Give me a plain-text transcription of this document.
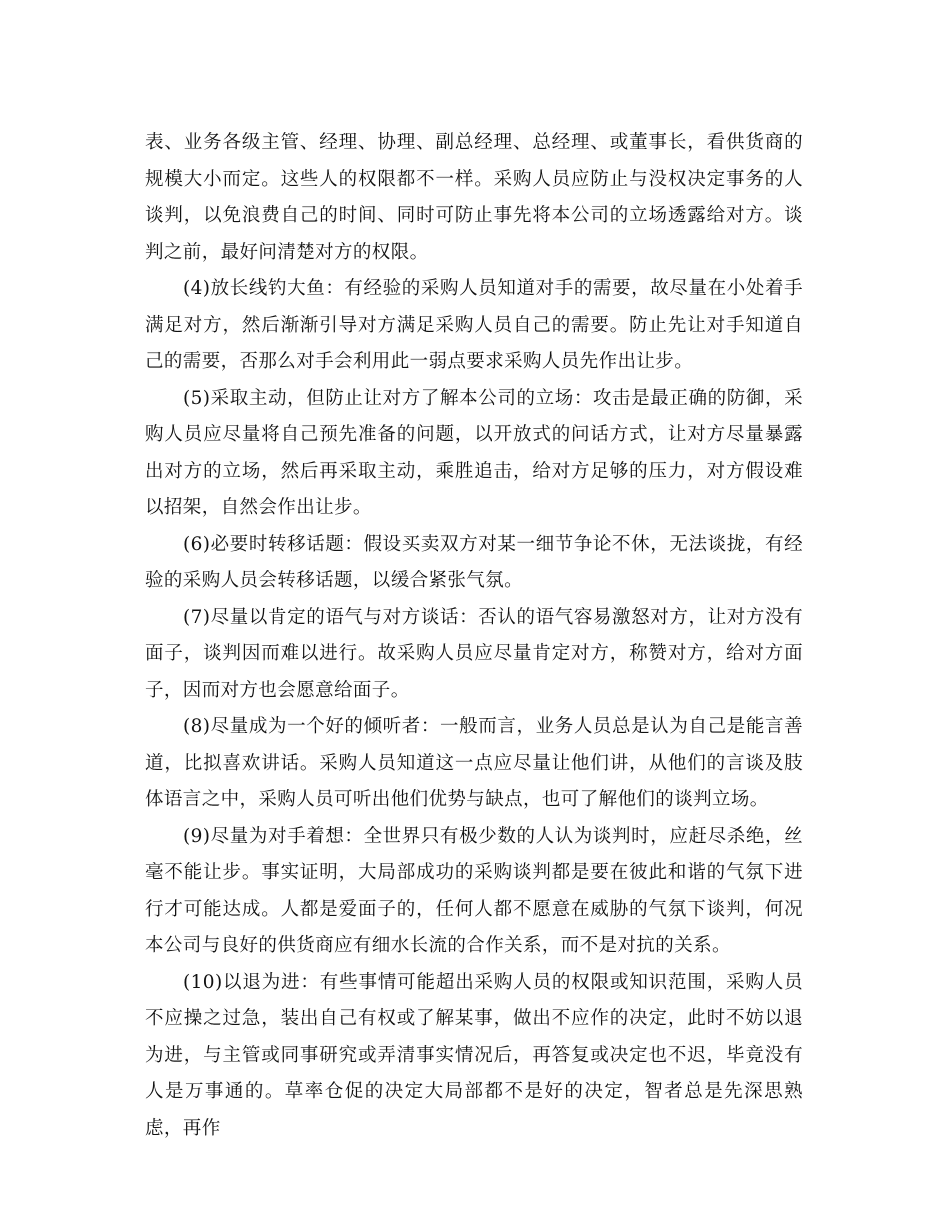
表、业务各级主管、经理、协理、副总经理、总经理、或董事长，看供货商的规模大小而定。这些人的权限都不一样。采购人员应防止与没权决定事务的人谈判，以免浪费自己的时间、同时可防止事先将本公司的立场透露给对方。谈判之前，最好问清楚对方的权限。

(4)放长线钓大鱼：有经验的采购人员知道对手的需要，故尽量在小处着手满足对方，然后渐渐引导对方满足采购人员自己的需要。防止先让对手知道自己的需要，否那么对手会利用此一弱点要求采购人员先作出让步。

(5)采取主动，但防止让对方了解本公司的立场：攻击是最正确的防御，采购人员应尽量将自己预先准备的问题，以开放式的问话方式，让对方尽量暴露出对方的立场，然后再采取主动，乘胜追击，给对方足够的压力，对方假设难以招架，自然会作出让步。

(6)必要时转移话题：假设买卖双方对某一细节争论不休，无法谈拢，有经验的采购人员会转移话题，以缓合紧张气氛。

(7)尽量以肯定的语气与对方谈话：否认的语气容易激怒对方，让对方没有面子，谈判因而难以进行。故采购人员应尽量肯定对方，称赞对方，给对方面子，因而对方也会愿意给面子。

(8)尽量成为一个好的倾听者：一般而言，业务人员总是认为自己是能言善道，比拟喜欢讲话。采购人员知道这一点应尽量让他们讲，从他们的言谈及肢体语言之中，采购人员可听出他们优势与缺点，也可了解他们的谈判立场。

(9)尽量为对手着想：全世界只有极少数的人认为谈判时，应赶尽杀绝，丝毫不能让步。事实证明，大局部成功的采购谈判都是要在彼此和谐的气氛下进行才可能达成。人都是爱面子的，任何人都不愿意在威胁的气氛下谈判，何况本公司与良好的供货商应有细水长流的合作关系，而不是对抗的关系。

(10)以退为进：有些事情可能超出采购人员的权限或知识范围，采购人员不应操之过急，装出自己有权或了解某事，做出不应作的决定，此时不妨以退为进，与主管或同事研究或弄清事实情况后，再答复或决定也不迟，毕竟没有人是万事通的。草率仓促的决定大局部都不是好的决定，智者总是先深思熟虑，再作
